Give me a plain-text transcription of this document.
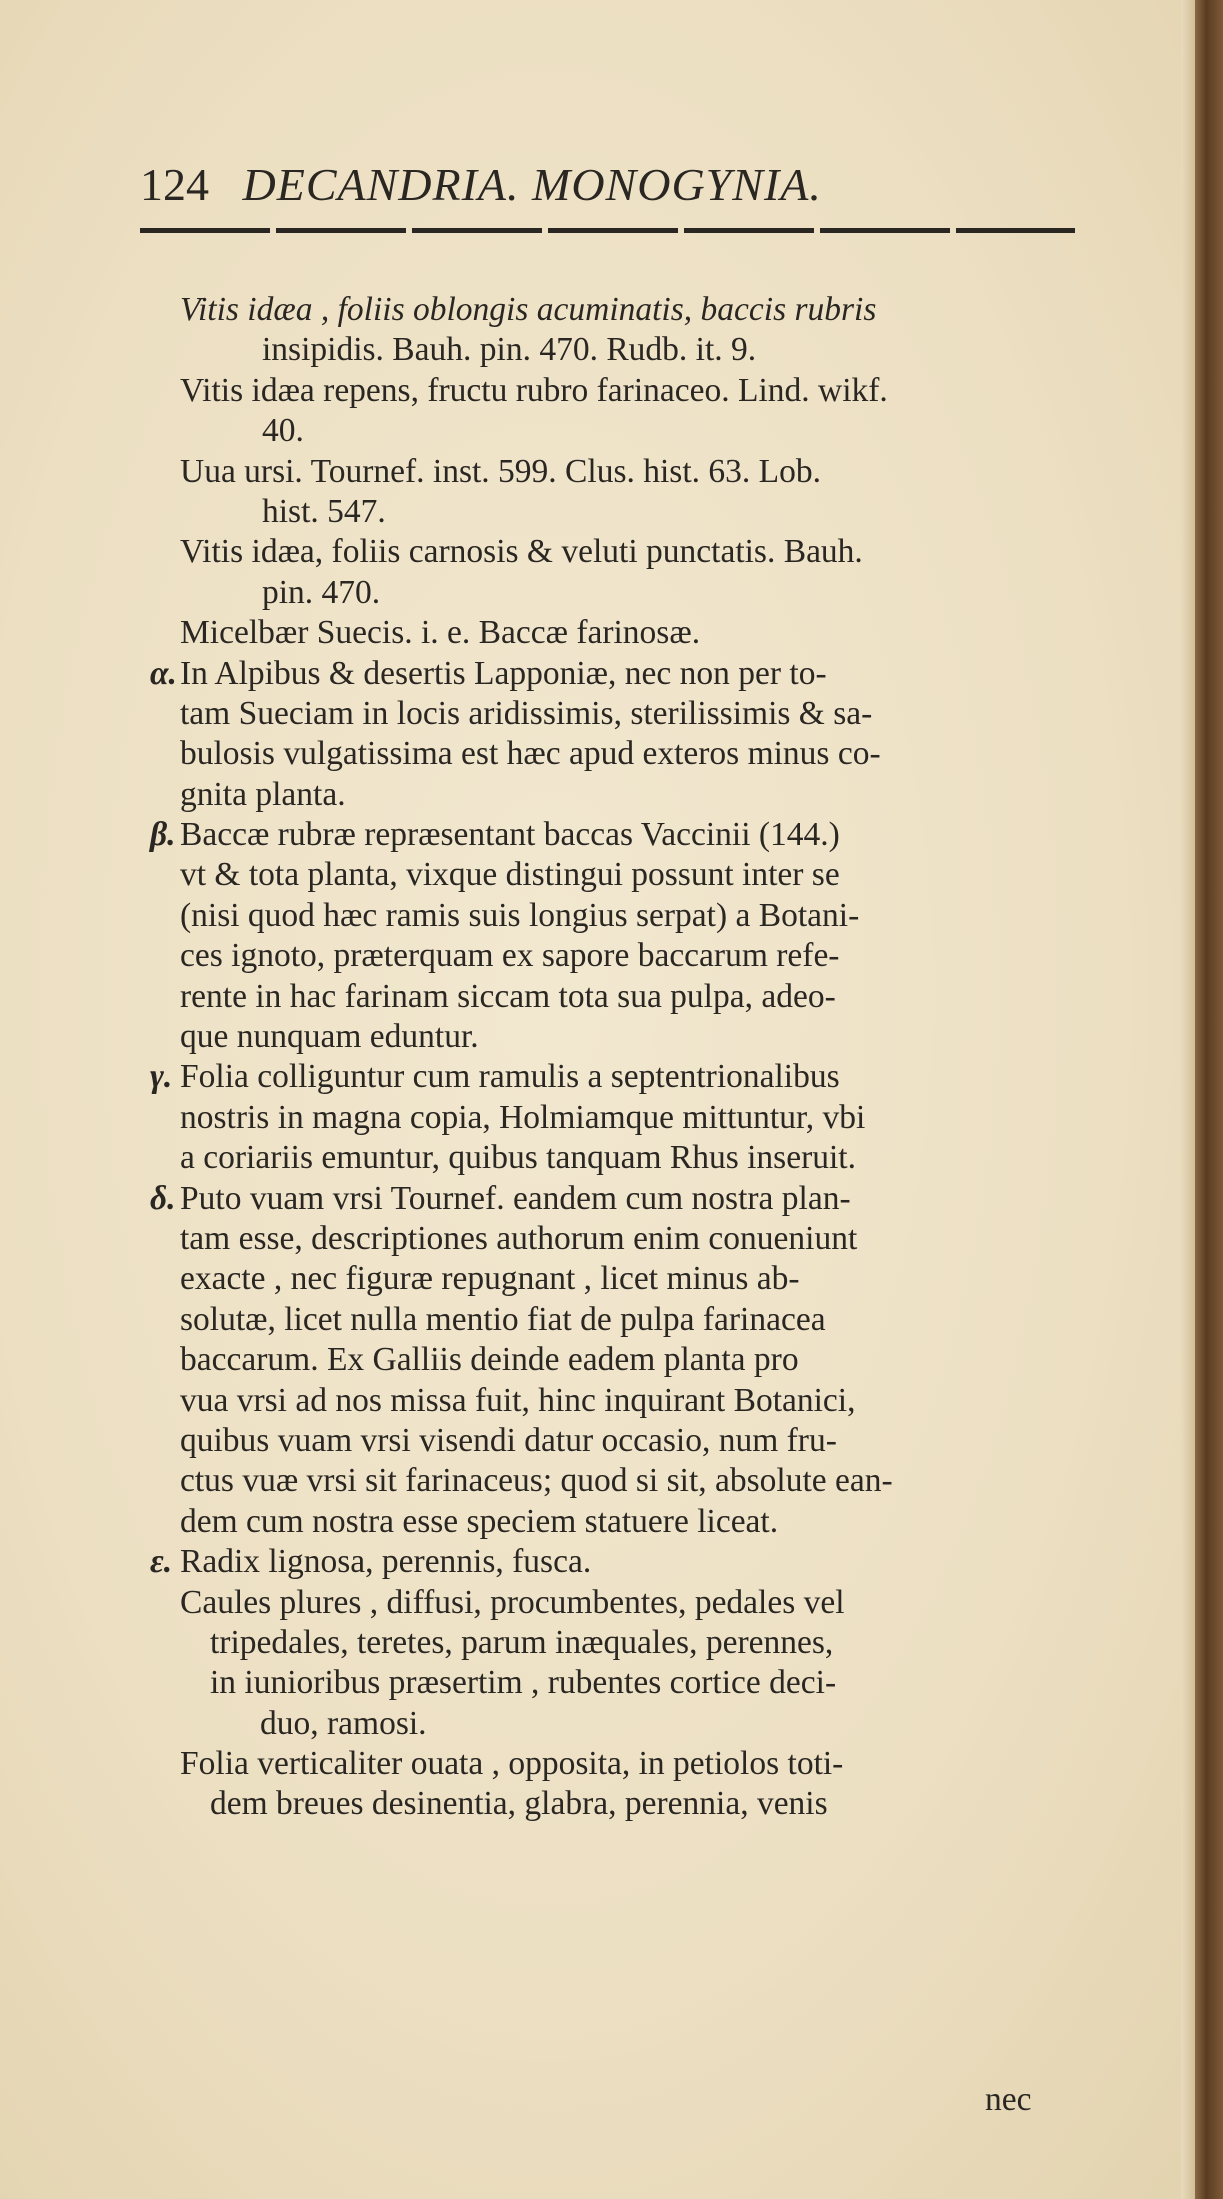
124 DECANDRIA. MONOGYNIA.
Vitis idæa , foliis oblongis acuminatis, baccis rubris
insipidis. Bauh. pin. 470. Rudb. it. 9.
Vitis idæa repens, fructu rubro farinaceo. Lind. wikf.
40.
Uua ursi. Tournef. inst. 599. Clus. hist. 63. Lob.
hist. 547.
Vitis idæa, foliis carnosis & veluti punctatis. Bauh.
pin. 470.
Micelbær Suecis. i. e. Baccæ farinosæ.
α. In Alpibus & desertis Lapponiæ, nec non per to-
tam Sueciam in locis aridissimis, sterilissimis & sa-
bulosis vulgatissima est hæc apud exteros minus co-
gnita planta.
β. Baccæ rubræ repræsentant baccas Vaccinii (144.)
vt & tota planta, vixque distingui possunt inter se
(nisi quod hæc ramis suis longius serpat) a Botani-
ces ignoto, præterquam ex sapore baccarum refe-
rente in hac farinam siccam tota sua pulpa, adeo-
que nunquam eduntur.
γ. Folia colliguntur cum ramulis a septentrionalibus
nostris in magna copia, Holmiamque mittuntur, vbi
a coriariis emuntur, quibus tanquam Rhus inseruit.
δ. Puto vuam vrsi Tournef. eandem cum nostra plan-
tam esse, descriptiones authorum enim conueniunt
exacte , nec figuræ repugnant , licet minus ab-
solutæ, licet nulla mentio fiat de pulpa farinacea
baccarum. Ex Galliis deinde eadem planta pro
vua vrsi ad nos missa fuit, hinc inquirant Botanici,
quibus vuam vrsi visendi datur occasio, num fru-
ctus vuæ vrsi sit farinaceus; quod si sit, absolute ean-
dem cum nostra esse speciem statuere liceat.
ε. Radix lignosa, perennis, fusca.
Caules plures , diffusi, procumbentes, pedales vel
tripedales, teretes, parum inæquales, perennes,
in iunioribus præsertim , rubentes cortice deci-
duo, ramosi.
Folia verticaliter ouata , opposita, in petiolos toti-
dem breues desinentia, glabra, perennia, venis
nec
